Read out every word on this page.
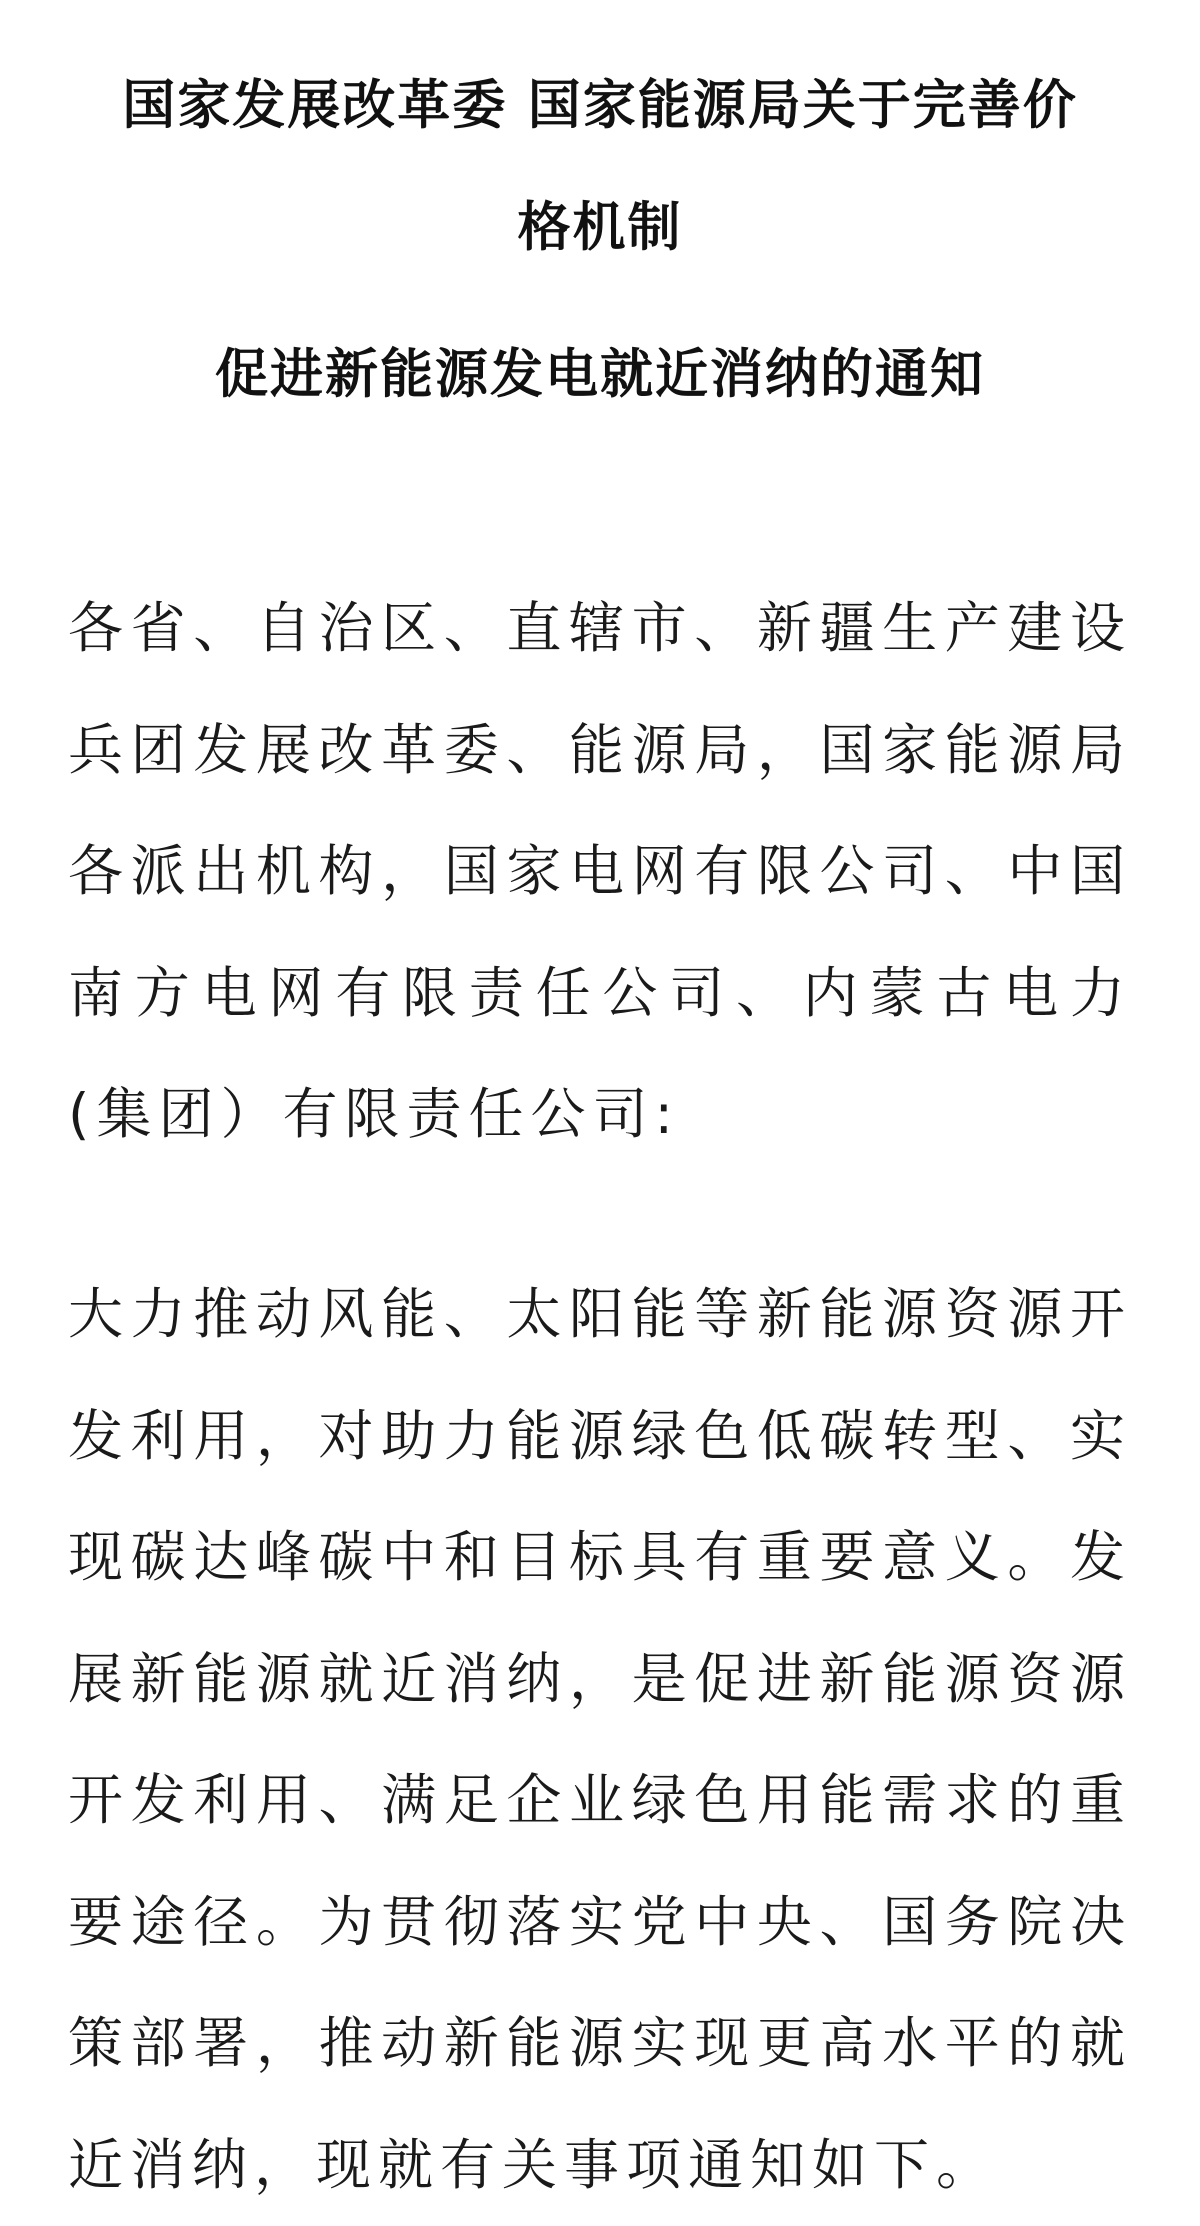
国家发展改革委 国家能源局关于完善价
格机制
促进新能源发电就近消纳的通知

各省、自治区、直辖市、新疆生产建设兵团发展改革委、能源局，国家能源局各派出机构，国家电网有限公司、中国南方电网有限责任公司、内蒙古电力(集团）有限责任公司:

大力推动风能、太阳能等新能源资源开发利用，对助力能源绿色低碳转型、实现碳达峰碳中和目标具有重要意义。发展新能源就近消纳，是促进新能源资源开发利用、满足企业绿色用能需求的重要途径。为贯彻落实党中央、国务院决策部署，推动新能源实现更高水平的就近消纳，现就有关事项通知如下。
